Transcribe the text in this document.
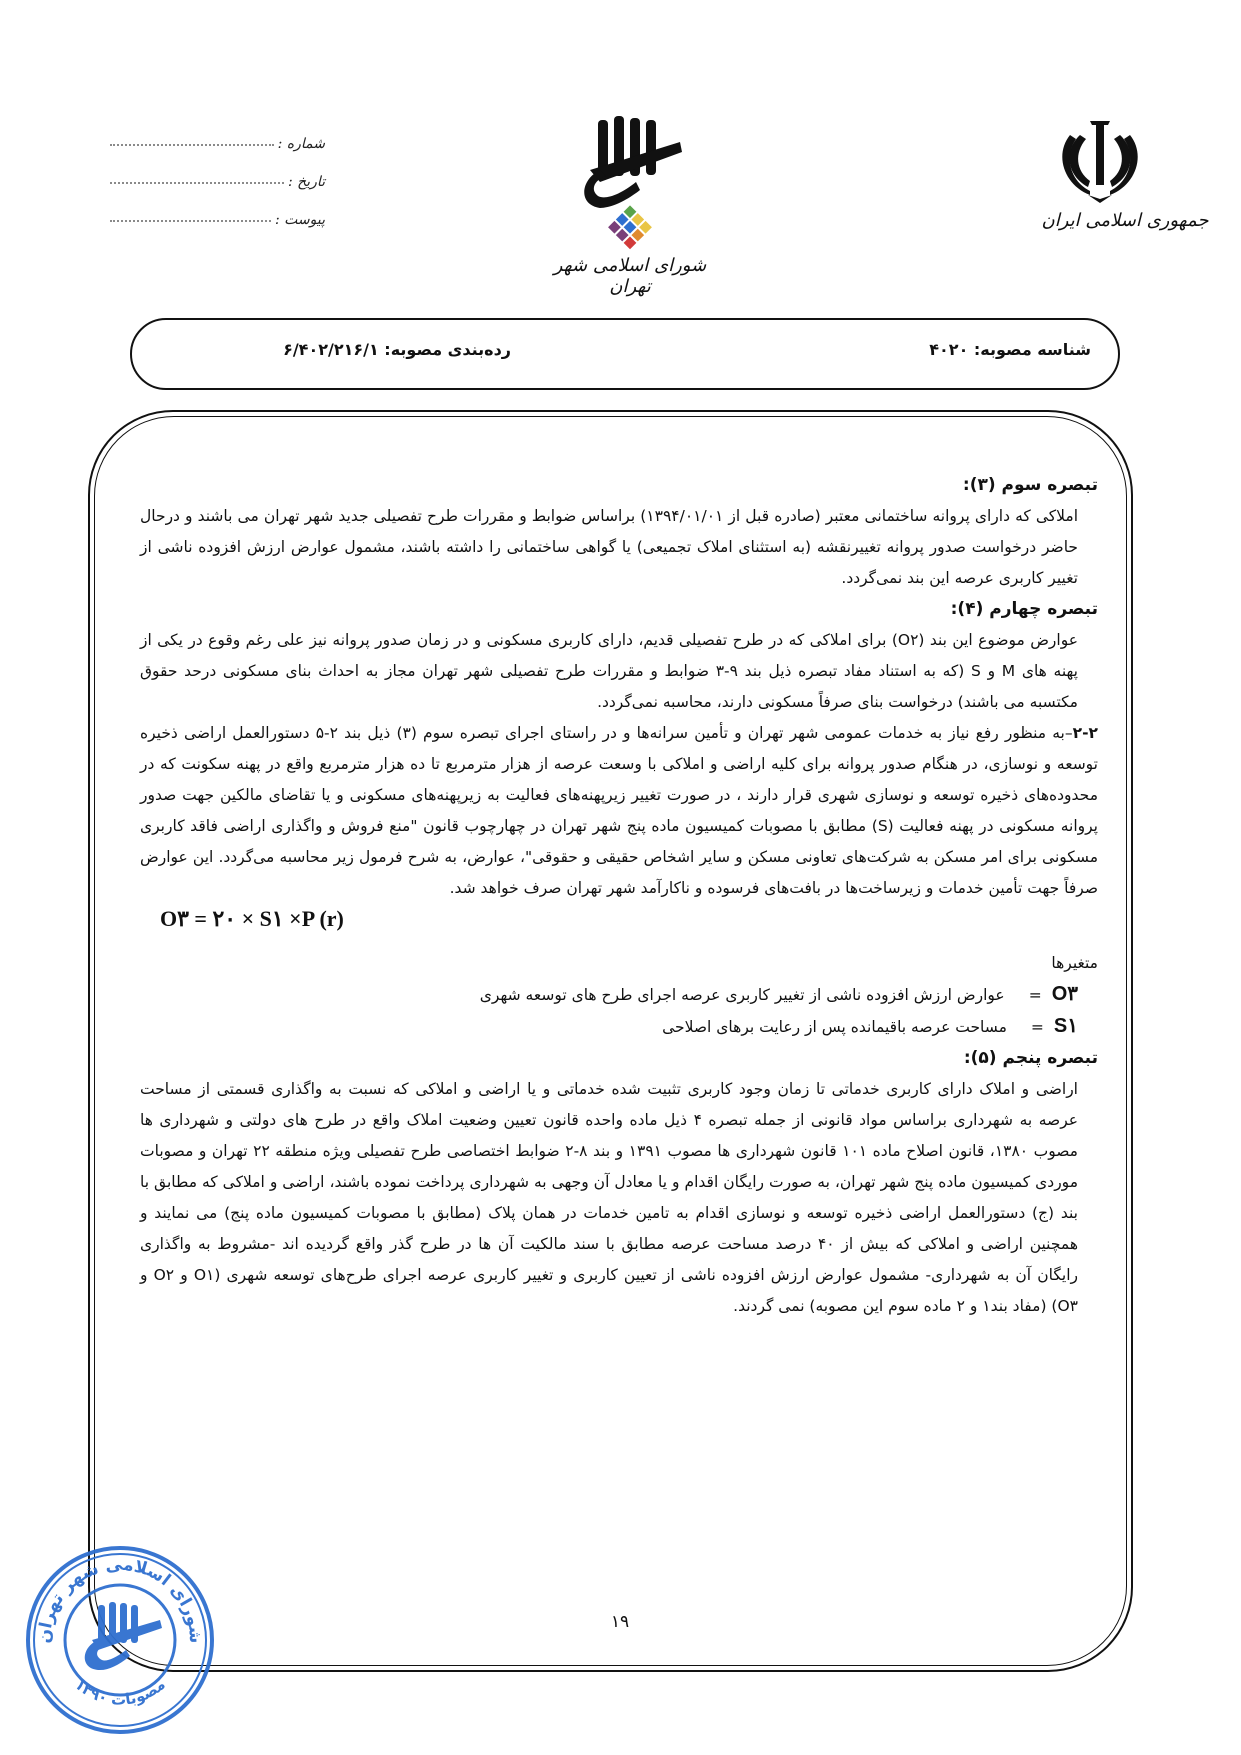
شماره :
تاریخ :
پیوست :
شورای اسلامی شهر تهران
جمهوری اسلامی ایران
شناسه مصوبه: ۴۰۲۰
رده‌بندی مصوبه: ۶/۴۰۲/۲۱۶/۱

تبصره سوم (۳):

املاکی که دارای پروانه ساختمانی معتبر (صادره قبل از ۱۳۹۴/۰۱/۰۱) براساس ضوابط و مقررات طرح تفصیلی جدید شهر تهران می باشند و درحال حاضر درخواست صدور پروانه تغییرنقشه (به استثنای املاک تجمیعی) یا گواهی ساختمانی را داشته باشند، مشمول عوارض ارزش افزوده ناشی از تغییر کاربری عرصه این بند نمی‌گردد.

تبصره چهارم (۴):

عوارض موضوع این بند (O۲) برای املاکی که در طرح تفصیلی قدیم، دارای کاربری مسکونی و در زمان صدور پروانه نیز علی رغم وقوع در یکی از پهنه های M و S (که به استناد مفاد تبصره ذیل بند ۹-۳ ضوابط و مقررات طرح تفصیلی شهر تهران مجاز به احداث بنای مسکونی درحد حقوق مکتسبه می باشند) درخواست بنای صرفاً مسکونی دارند، محاسبه نمی‌گردد.

۲-۲–به منظور رفع نیاز به خدمات عمومی شهر تهران و تأمین سرانه‌ها و در راستای اجرای تبصره سوم (۳) ذیل بند ۲-۵ دستورالعمل اراضی ذخیره توسعه و نوسازی، در هنگام صدور پروانه برای کلیه اراضی و املاکی با وسعت عرصه از هزار مترمربع تا ده هزار مترمربع واقع در پهنه سکونت که در محدوده‌های ذخیره توسعه و نوسازی شهری قرار دارند ، در صورت تغییر زیرپهنه‌های فعالیت به زیرپهنه‌های مسکونی و یا تقاضای مالکین جهت صدور پروانه مسکونی در پهنه فعالیت (S) مطابق با مصوبات کمیسیون ماده پنج شهر تهران در چهارچوب قانون "منع فروش و واگذاری اراضی فاقد کاربری مسکونی برای امر مسکن به شرکت‌های تعاونی مسکن و سایر اشخاص حقیقی و حقوقی"، عوارض، به شرح فرمول زیر محاسبه می‌گردد. این عوارض صرفاً جهت تأمین خدمات و زیرساخت‌ها در بافت‌های فرسوده و ناکارآمد شهر تهران صرف خواهد شد.

O۳ = ۲۰ × S۱ ×P (r)

متغیرها

O۳
=
عوارض ارزش افزوده ناشی از تغییر کاربری عرصه اجرای طرح های توسعه شهری
S۱
=
مساحت عرصه باقیمانده پس از رعایت برهای اصلاحی

تبصره پنجم (۵):

اراضی و املاک دارای کاربری خدماتی تا زمان وجود کاربری تثبیت شده خدماتی و یا اراضی و املاکی که نسبت به واگذاری قسمتی از مساحت عرصه به شهرداری براساس مواد قانونی از جمله تبصره ۴ ذیل ماده واحده قانون تعیین وضعیت املاک واقع در طرح های دولتی و شهرداری ها مصوب ۱۳۸۰، قانون اصلاح ماده ۱۰۱ قانون شهرداری ها مصوب ۱۳۹۱ و بند ۸-۲ ضوابط اختصاصی طرح تفصیلی ویژه منطقه ۲۲ تهران و مصوبات موردی کمیسیون ماده پنج شهر تهران، به صورت رایگان اقدام و یا معادل آن وجهی به شهرداری پرداخت نموده باشند، اراضی و املاکی که مطابق با بند (ج) دستورالعمل اراضی ذخیره توسعه و نوسازی اقدام به تامین خدمات در همان پلاک (مطابق با مصوبات کمیسیون ماده پنج) می نمایند و همچنین اراضی و املاکی که بیش از ۴۰ درصد مساحت عرصه مطابق با سند مالکیت آن ها در طرح گذر واقع گردیده اند -مشروط به واگذاری رایگان آن به شهرداری- مشمول عوارض ارزش افزوده ناشی از تعیین کاربری و تغییر کاربری عرصه اجرای طرح‌های توسعه شهری (O۱ و O۲ و O۳) (مفاد بند۱ و ۲ ماده سوم این مصوبه) نمی گردند.

۱۹
شورای اسلامی شهر تهران
مصوبات ۱۳۹۰
